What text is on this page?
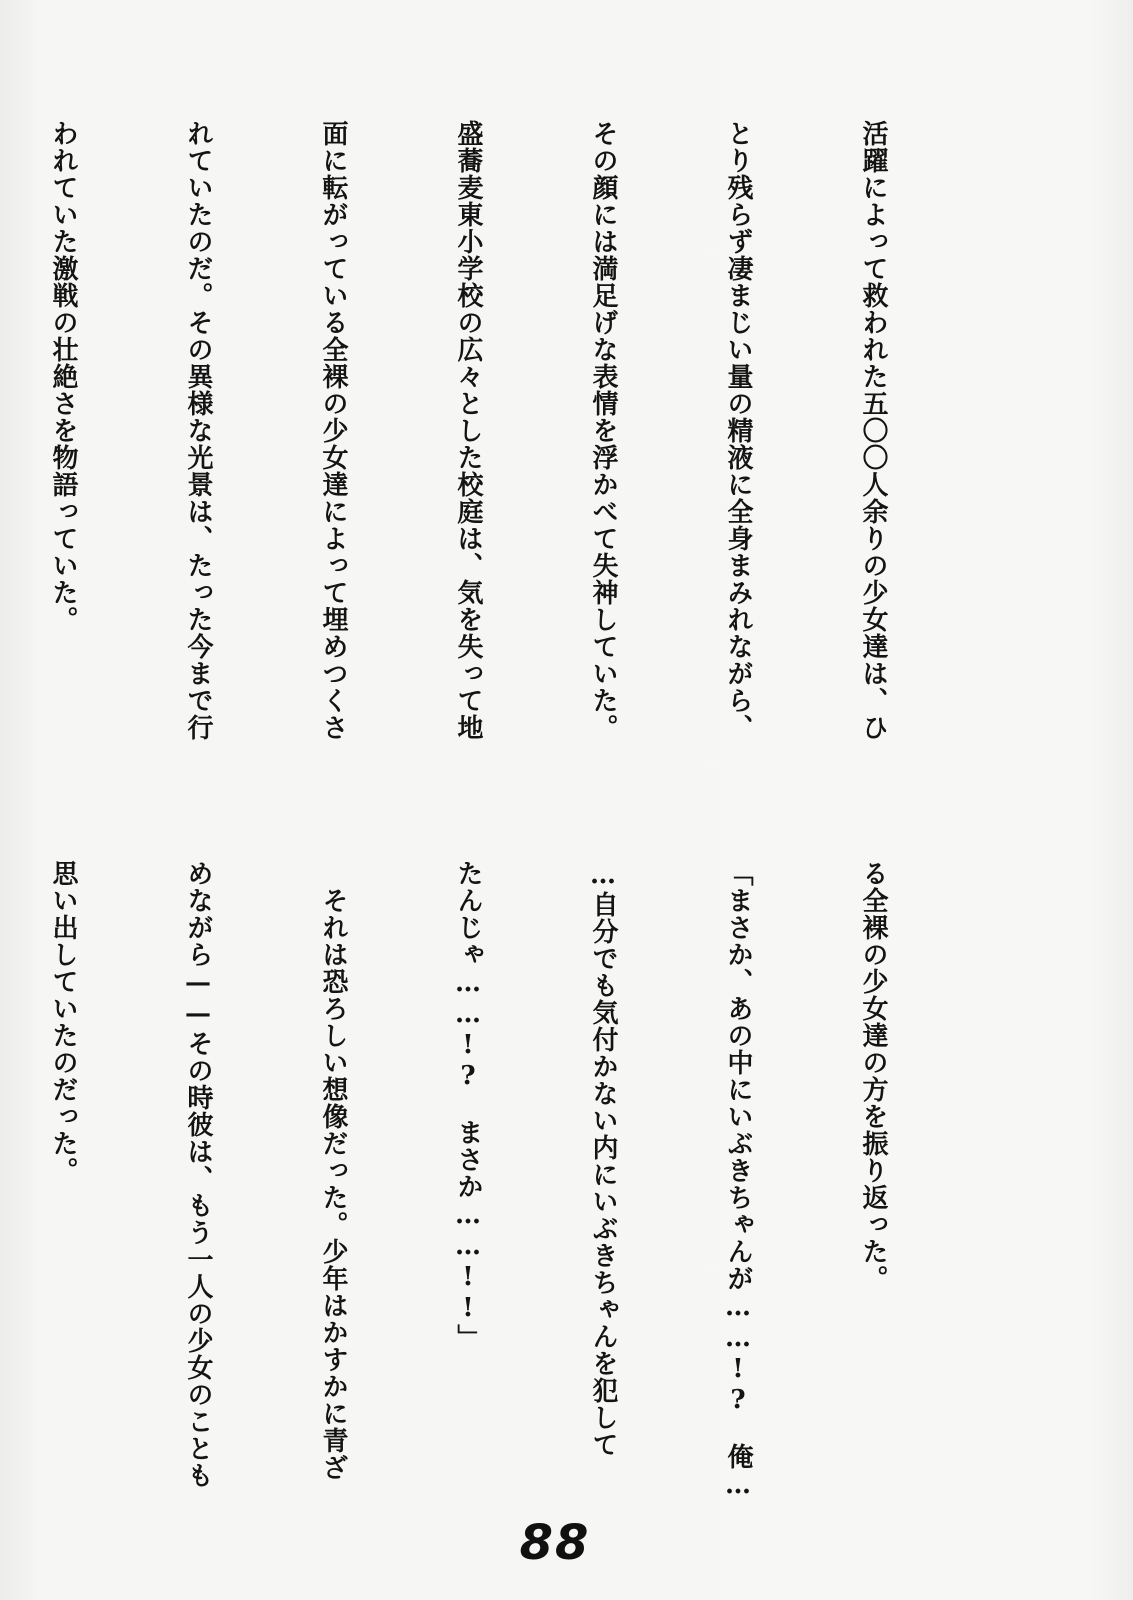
活躍によって救われた五〇〇人余りの少女達は、ひ

とり残らず凄まじい量の精液に全身まみれながら、

その顔には満足げな表情を浮かべて失神していた。

盛蕎麦東小学校の広々とした校庭は、気を失って地

面に転がっている全裸の少女達によって埋めつくさ

れていたのだ。その異様な光景は、たった今まで行

われていた激戦の壮絶さを物語っていた。

る全裸の少女達の方を振り返った。

「まさか、あの中にいぶきちゃんが……!?　俺…

…自分でも気付かない内にいぶきちゃんを犯して

たんじゃ……!?　まさか……!!」

　それは恐ろしい想像だった。少年はかすかに青ざ

めながら——その時彼は、もう一人の少女のことも

思い出していたのだった。

88
